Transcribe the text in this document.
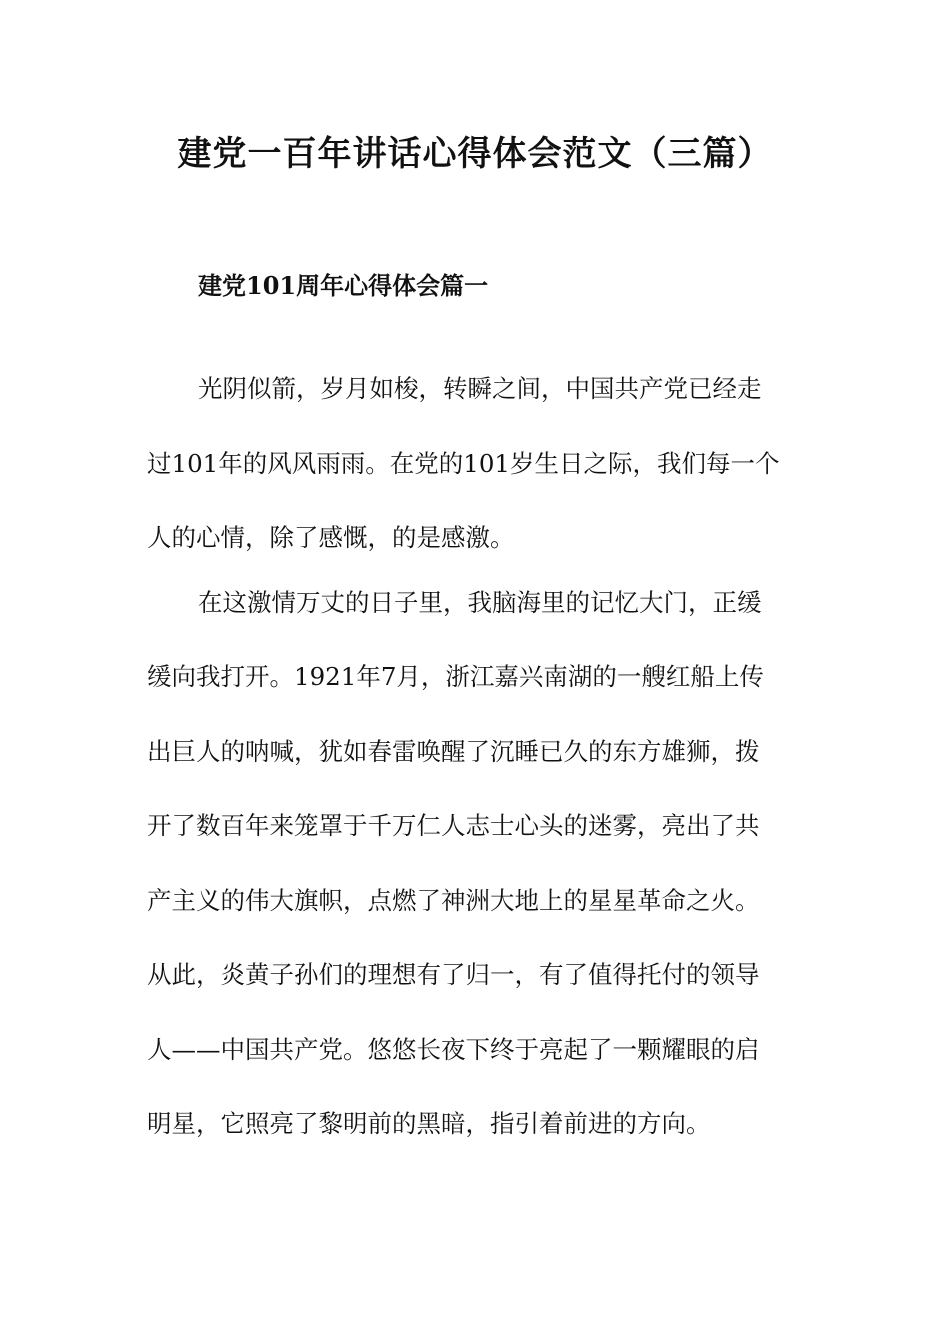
建党一百年讲话心得体会范文（三篇）
建党101周年心得体会篇一
光阴似箭，岁月如梭，转瞬之间，中国共产党已经走
过101年的风风雨雨。在党的101岁生日之际，我们每一个
人的心情，除了感慨，的是感激。
在这激情万丈的日子里，我脑海里的记忆大门，正缓
缓向我打开。1921年7月，浙江嘉兴南湖的一艘红船上传
出巨人的呐喊，犹如春雷唤醒了沉睡已久的东方雄狮，拨
开了数百年来笼罩于千万仁人志士心头的迷雾，亮出了共
产主义的伟大旗帜，点燃了神洲大地上的星星革命之火。
从此，炎黄子孙们的理想有了归一，有了值得托付的领导
人——中国共产党。悠悠长夜下终于亮起了一颗耀眼的启
明星，它照亮了黎明前的黑暗，指引着前进的方向。
